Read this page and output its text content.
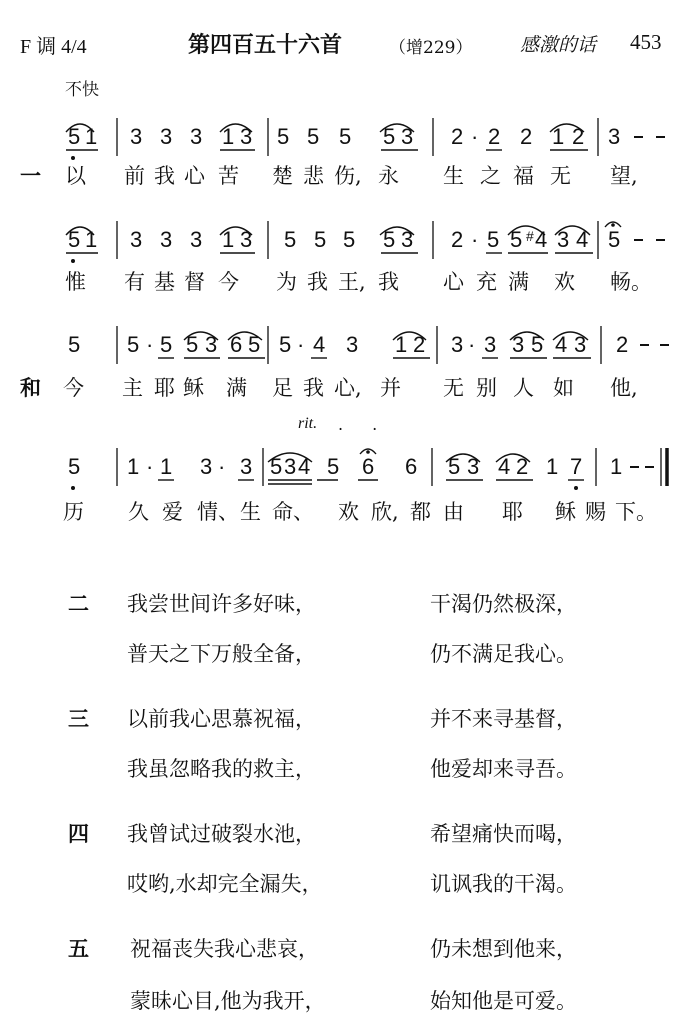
F 调 4/4	第四百五十六首	（增229）	感激的话 453
不快
5 1 3 3 3 1 3 5 5 5 5 3 2 · 2 2 1 2 3
一 以 前 我 心 苦 楚 悲 伤, 永 生 之 福 无 望,
5 1 3 3 3 1 3 5 5 5 5 3 2 · 5 5 # 4 3 4 5
惟 有 基 督 今 为 我 王, 我 心 充 满 欢 畅。
5 5 · 5 5 3 6 5 5 · 4 3 1 2 3 · 3 3 5 4 3 2
和 今 主 耶 稣 满 足 我 心, 并 无 别 人 如 他,
rit. . .
5 1 · 1 3 · 3 5 3 4 5 6 6 5 3 4 2 1 7 1
历 久 爱 情、 生 命、 欢 欣, 都 由 耶 稣 赐 下。
二 我尝世间许多好味，	干渴仍然极深，
普天之下万般全备，	仍不满足我心。
三 以前我心思慕祝福，	并不来寻基督，
我虽忽略我的救主，	他爱却来寻吾。
四 我曾试过破裂水池，	希望痛快而喝，
哎哟,水却完全漏失，	讥讽我的干渴。
五 祝福丧失我心悲哀，	仍未想到他来，
蒙昧心目,他为我开，	始知他是可爱。
